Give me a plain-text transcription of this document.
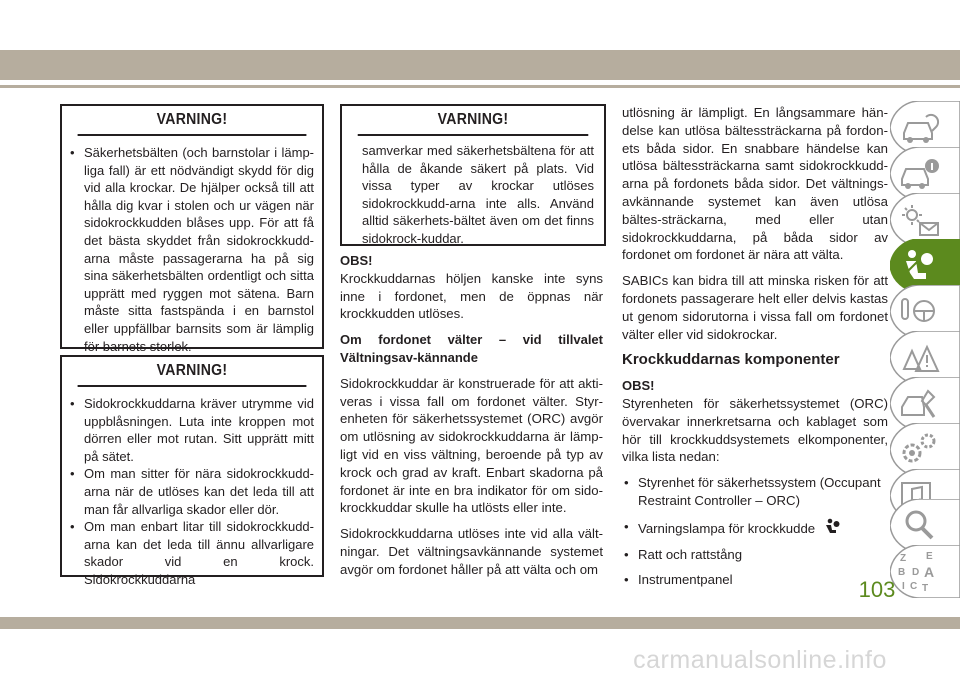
VARNING!

• Säkerhetsbälten (och barnstolar i lämp-liga fall) är ett nödvändigt skydd för dig vid alla krockar. De hjälper också till att hålla dig kvar i stolen och ur vägen när sidokrockkudden blåses upp. För att få det bästa skyddet från sidokrockkudd-arna måste passagerarna ha på sig sina säkerhetsbälten ordentligt och sitta upprätt med ryggen mot sätena. Barn måste sitta fastspända i en barnstol eller uppfällbar barnsits som är lämplig för barnets storlek.

VARNING!

• Sidokrockkuddarna kräver utrymme vid uppblåsningen. Luta inte kroppen mot dörren eller mot rutan. Sitt upprätt mitt på sätet.

• Om man sitter för nära sidokrockkudd-arna när de utlöses kan det leda till att man får allvarliga skador eller dör.

• Om man enbart litar till sidokrockkudd-arna kan det leda till ännu allvarligare skador vid en krock. Sidokrockkuddarna

VARNING!
samverkar med säkerhetsbältena för att hålla de åkande säkert på plats. Vid vissa typer av krockar utlöses sidokrockkudd-arna inte alls. Använd alltid säkerhets-bältet även om det finns sidokrock-kuddar.
OBS!

Krockkuddarnas höljen kanske inte syns inne i fordonet, men de öppnas när krockkudden utlöses.

Om fordonet välter – vid tillvalet Vältningsav-kännande

Sidokrockkuddar är konstruerade för att akti-veras i vissa fall om fordonet välter. Styr-enheten för säkerhetssystemet (ORC) avgör om utlösning av sidokrockkuddarna är lämp-ligt vid en viss vältning, beroende på typ av krock och grad av kraft. Enbart skadorna på fordonet är inte en bra indikator för om sido-krockkuddar skulle ha utlösts eller inte.

Sidokrockkuddarna utlöses inte vid alla vält-ningar. Det vältningsavkännande systemet avgör om fordonet håller på att välta och om

utlösning är lämpligt. En långsammare hän-delse kan utlösa bältessträckarna på fordon-ets båda sidor. En snabbare händelse kan utlösa bältessträckarna samt sidokrockkudd-arna på fordonets båda sidor. Det vältnings-avkännande systemet kan även utlösa bältes-sträckarna, med eller utan sidokrockkuddarna, på båda sidor av fordonet om fordonet är nära att välta.

SABICs kan bidra till att minska risken för att fordonets passagerare helt eller delvis kastas ut genom sidorutorna i vissa fall om fordonet välter eller vid sidokrockar.

Krockkuddarnas komponenter
OBS!

Styrenheten för säkerhetssystemet (ORC) övervakar innerkretsarna och kablaget som hör till krockkuddsystemets elkomponenter, vilka lista nedan:

• Styrenhet för säkerhetssystem (Occupant Restraint Controller – ORC)

• Varningslampa för krockkudde

• Ratt och rattstång

• Instrumentpanel

Z E
B D A
I C T
103
carmanualsonline.info
